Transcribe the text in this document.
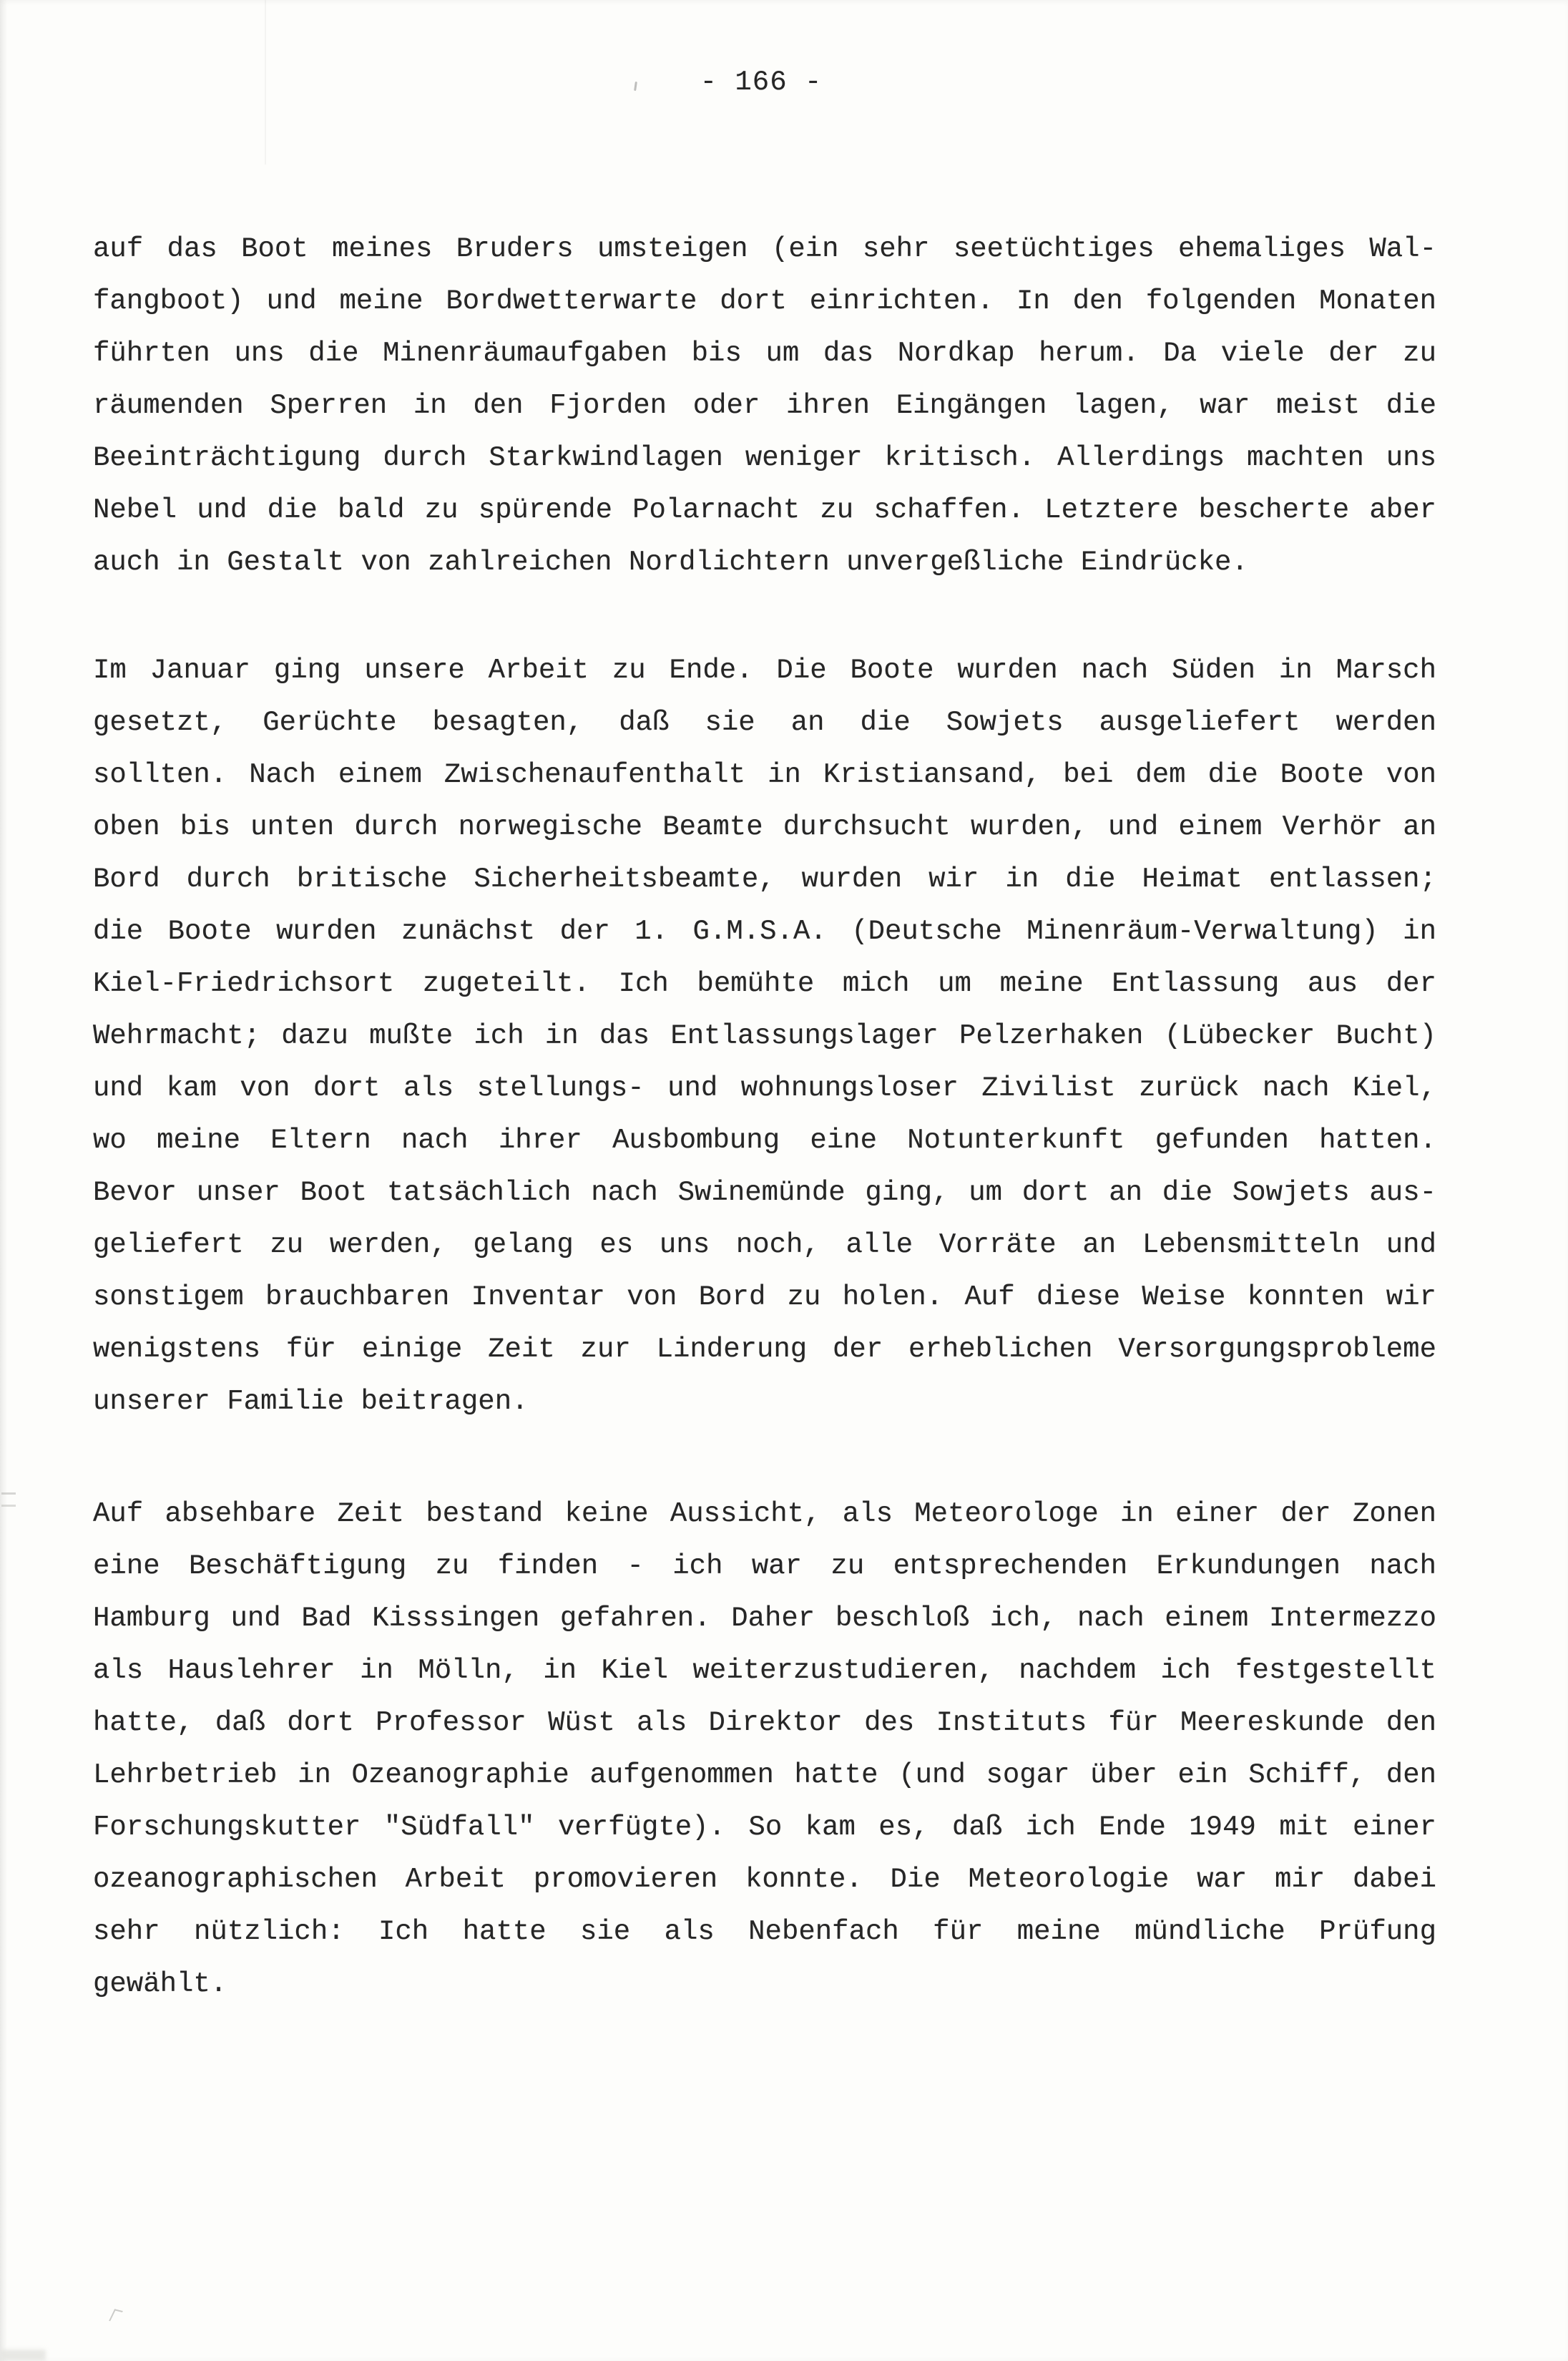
- 166 -
auf das Boot meines Bruders umsteigen (ein sehr seetüchtiges ehemaliges Wal-
fangboot) und meine Bordwetterwarte dort einrichten. In den folgenden Monaten
führten uns die Minenräumaufgaben bis um das Nordkap herum. Da viele der zu
räumenden Sperren in den Fjorden oder ihren Eingängen lagen, war meist die
Beeinträchtigung durch Starkwindlagen weniger kritisch. Allerdings machten uns
Nebel und die bald zu spürende Polarnacht zu schaffen. Letztere bescherte aber
auch in Gestalt von zahlreichen Nordlichtern unvergeßliche Eindrücke.
Im Januar ging unsere Arbeit zu Ende. Die Boote wurden nach Süden in Marsch
gesetzt, Gerüchte besagten, daß sie an die Sowjets ausgeliefert werden
sollten. Nach einem Zwischenaufenthalt in Kristiansand, bei dem die Boote von
oben bis unten durch norwegische Beamte durchsucht wurden, und einem Verhör an
Bord durch britische Sicherheitsbeamte, wurden wir in die Heimat entlassen;
die Boote wurden zunächst der 1. G.M.S.A. (Deutsche Minenräum-Verwaltung) in
Kiel-Friedrichsort zugeteilt. Ich bemühte mich um meine Entlassung aus der
Wehrmacht; dazu mußte ich in das Entlassungslager Pelzerhaken (Lübecker Bucht)
und kam von dort als stellungs- und wohnungsloser Zivilist zurück nach Kiel,
wo meine Eltern nach ihrer Ausbombung eine Notunterkunft gefunden hatten.
Bevor unser Boot tatsächlich nach Swinemünde ging, um dort an die Sowjets aus-
geliefert zu werden, gelang es uns noch, alle Vorräte an Lebensmitteln und
sonstigem brauchbaren Inventar von Bord zu holen. Auf diese Weise konnten wir
wenigstens für einige Zeit zur Linderung der erheblichen Versorgungsprobleme
unserer Familie beitragen.
Auf absehbare Zeit bestand keine Aussicht, als Meteorologe in einer der Zonen
eine Beschäftigung zu finden - ich war zu entsprechenden Erkundungen nach
Hamburg und Bad Kisssingen gefahren. Daher beschloß ich, nach einem Intermezzo
als Hauslehrer in Mölln, in Kiel weiterzustudieren, nachdem ich festgestellt
hatte, daß dort Professor Wüst als Direktor des Instituts für Meereskunde den
Lehrbetrieb in Ozeanographie aufgenommen hatte (und sogar über ein Schiff, den
Forschungskutter "Südfall" verfügte). So kam es, daß ich Ende 1949 mit einer
ozeanographischen Arbeit promovieren konnte. Die Meteorologie war mir dabei
sehr nützlich: Ich hatte sie als Nebenfach für meine mündliche Prüfung
gewählt.
